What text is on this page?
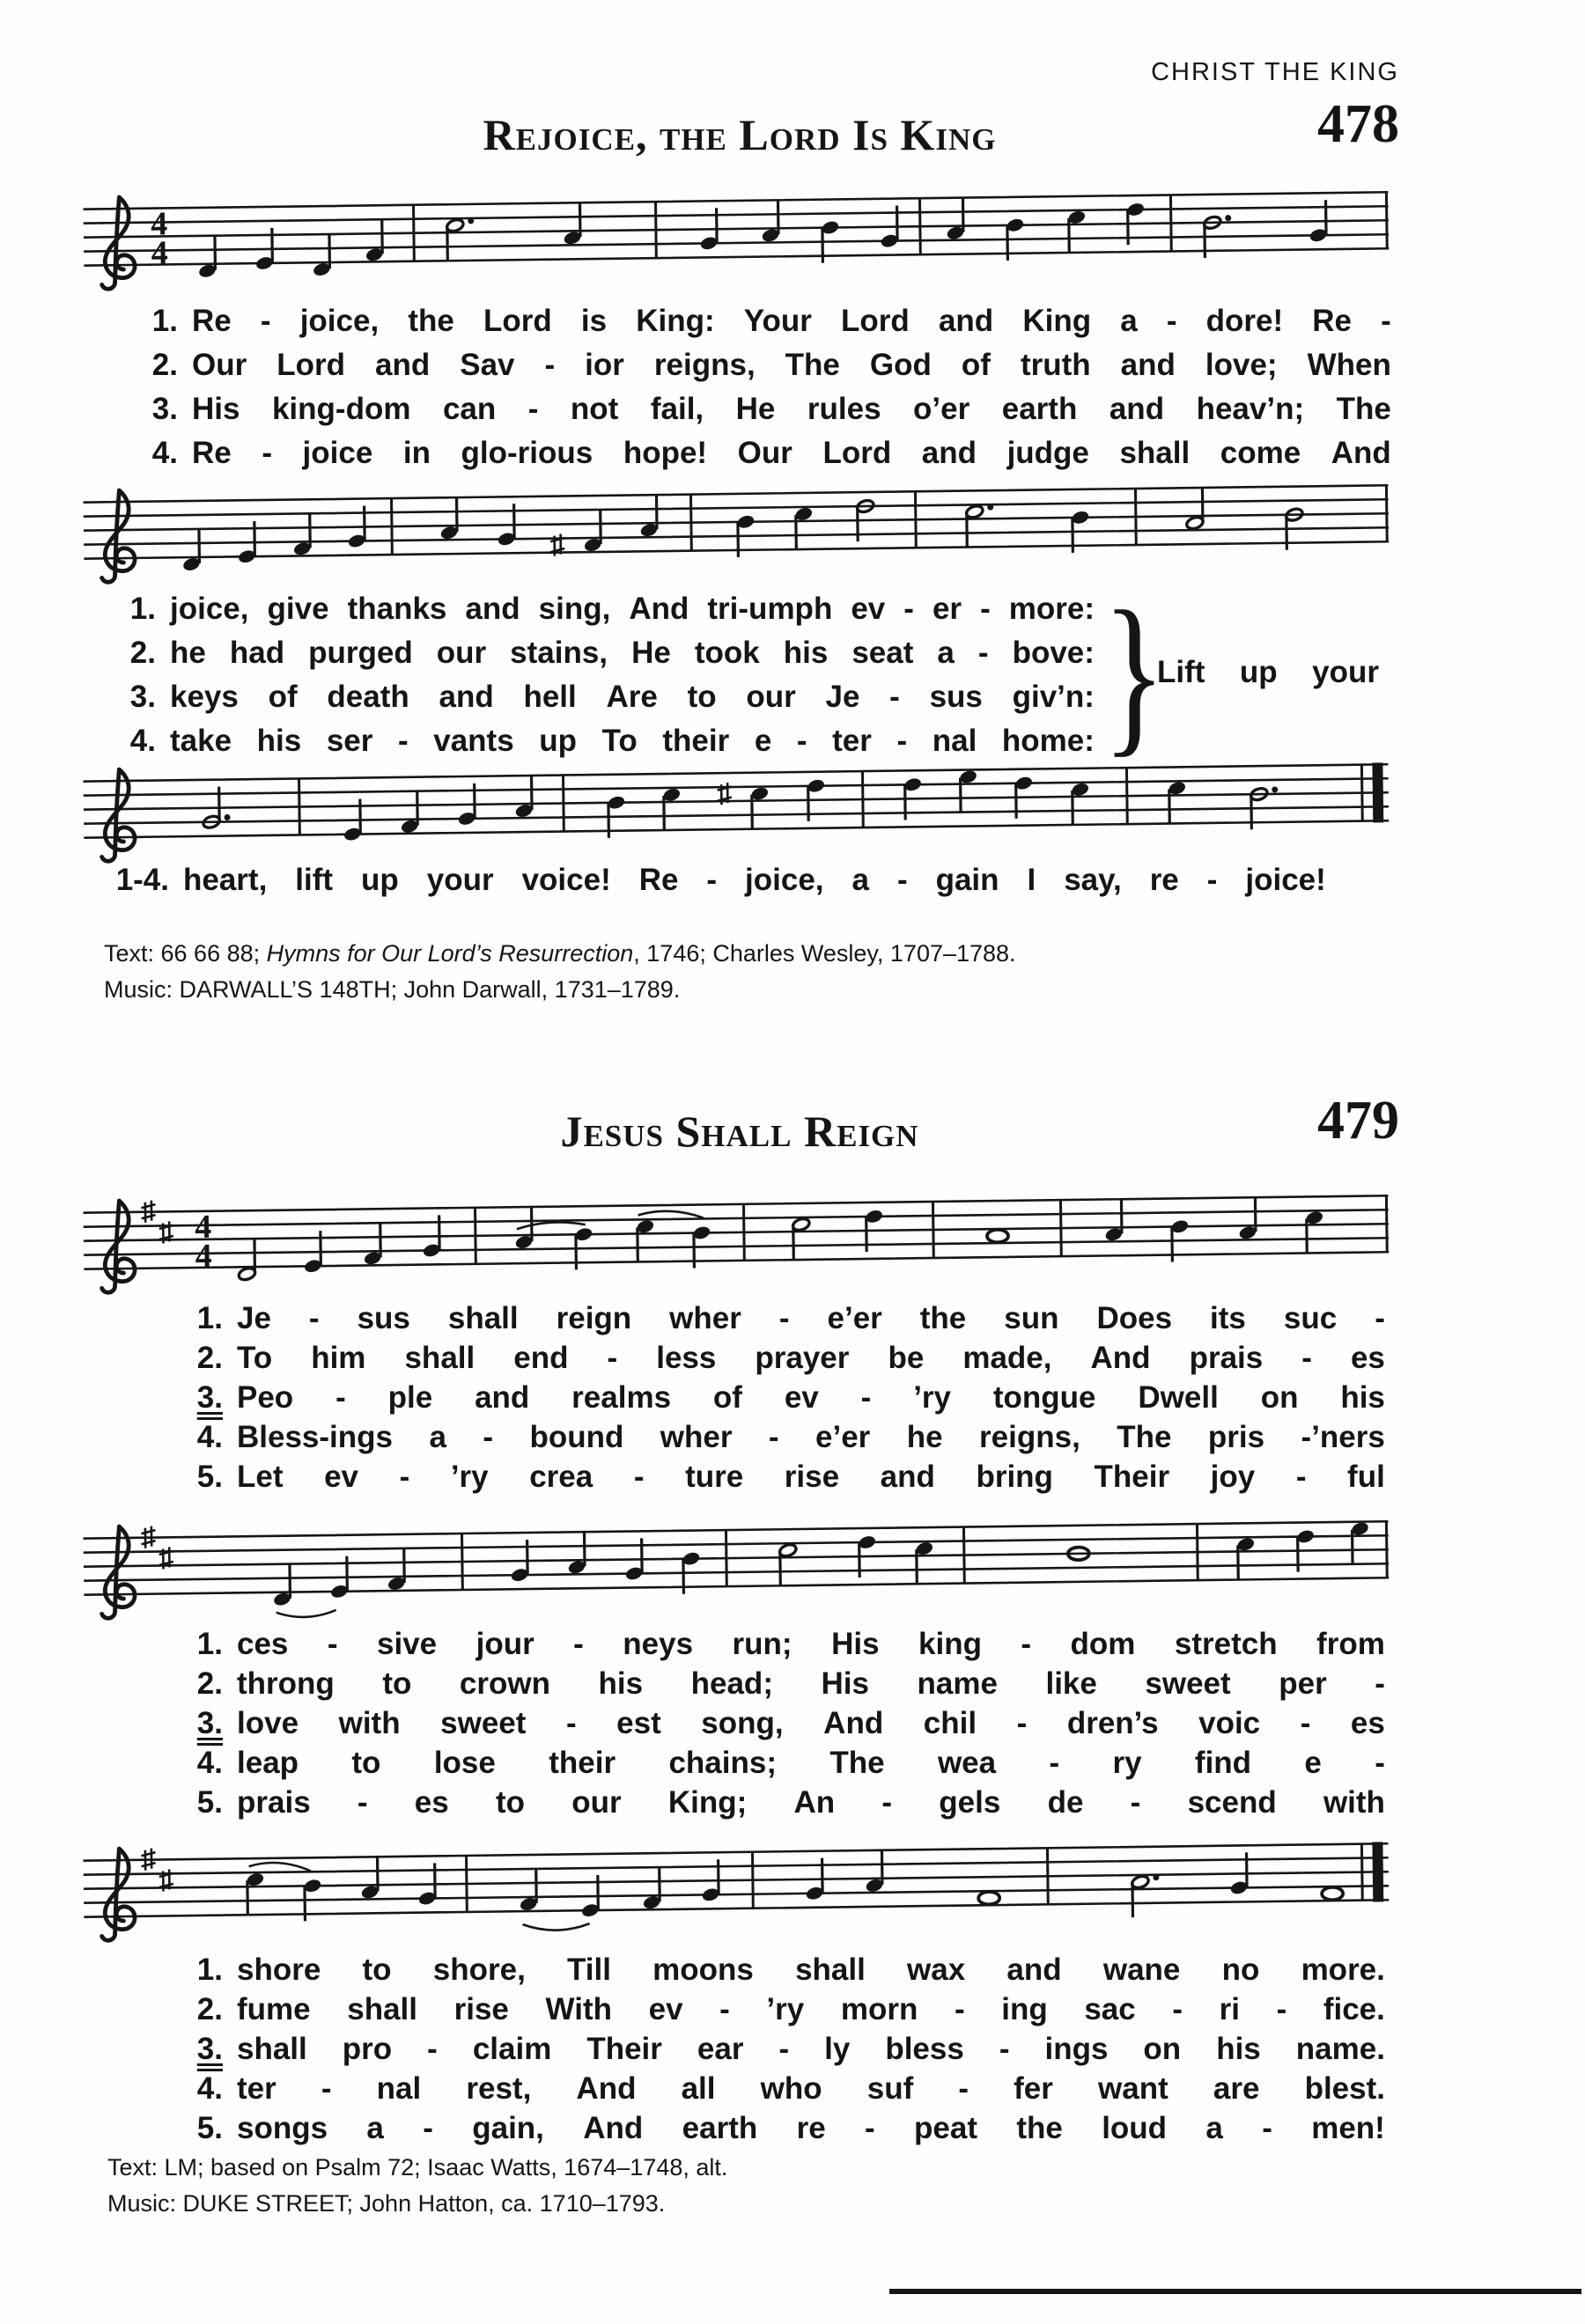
CHRIST THE KING
Rejoice, the Lord Is King	478
4
4
1. Re - joice, the Lord is King: Your Lord and King a - dore! Re -
2. Our Lord and Sav - ior reigns, The God of truth and love; When
3. His king-dom can - not fail, He rules o’er earth and heav’n; The
4. Re - joice in glo-rious hope! Our Lord and judge shall come And
1. joice, give thanks and sing, And tri-umph ev - er - more:
2. he had purged our stains, He took his seat a - bove:
3. keys of death and hell Are to our Je - sus giv’n:
4. take his ser - vants up To their e - ter - nal home: }
Lift up your
1-4. heart, lift up your voice! Re - joice, a - gain I say, re - joice!
Text: 66 66 88; Hymns for Our Lord’s Resurrection, 1746; Charles Wesley, 1707–1788.
Music: DARWALL’S 148TH; John Darwall, 1731–1789.
Jesus Shall Reign	479
4
4
1. Je - sus shall reign wher - e’er the sun Does its suc -
2. To him shall end - less prayer be made, And prais - es
3. Peo - ple and realms of ev - ’ry tongue Dwell on his
4. Bless-ings a - bound wher - e’er he reigns, The pris -’ners
5. Let ev - ’ry crea - ture rise and bring Their joy - ful
1. ces - sive jour - neys run; His king - dom stretch from
2. throng to crown his head; His name like sweet per -
3. love with sweet - est song, And chil - dren’s voic - es
4. leap to lose their chains; The wea - ry find e -
5. prais - es to our King; An - gels de - scend with
1. shore to shore, Till moons shall wax and wane no more.
2. fume shall rise With ev - ’ry morn - ing sac - ri - fice.
3. shall pro - claim Their ear - ly bless - ings on his name.
4. ter - nal rest, And all who suf - fer want are blest.
5. songs a - gain, And earth re - peat the loud a - men!
Text: LM; based on Psalm 72; Isaac Watts, 1674–1748, alt.
Music: DUKE STREET; John Hatton, ca. 1710–1793.
